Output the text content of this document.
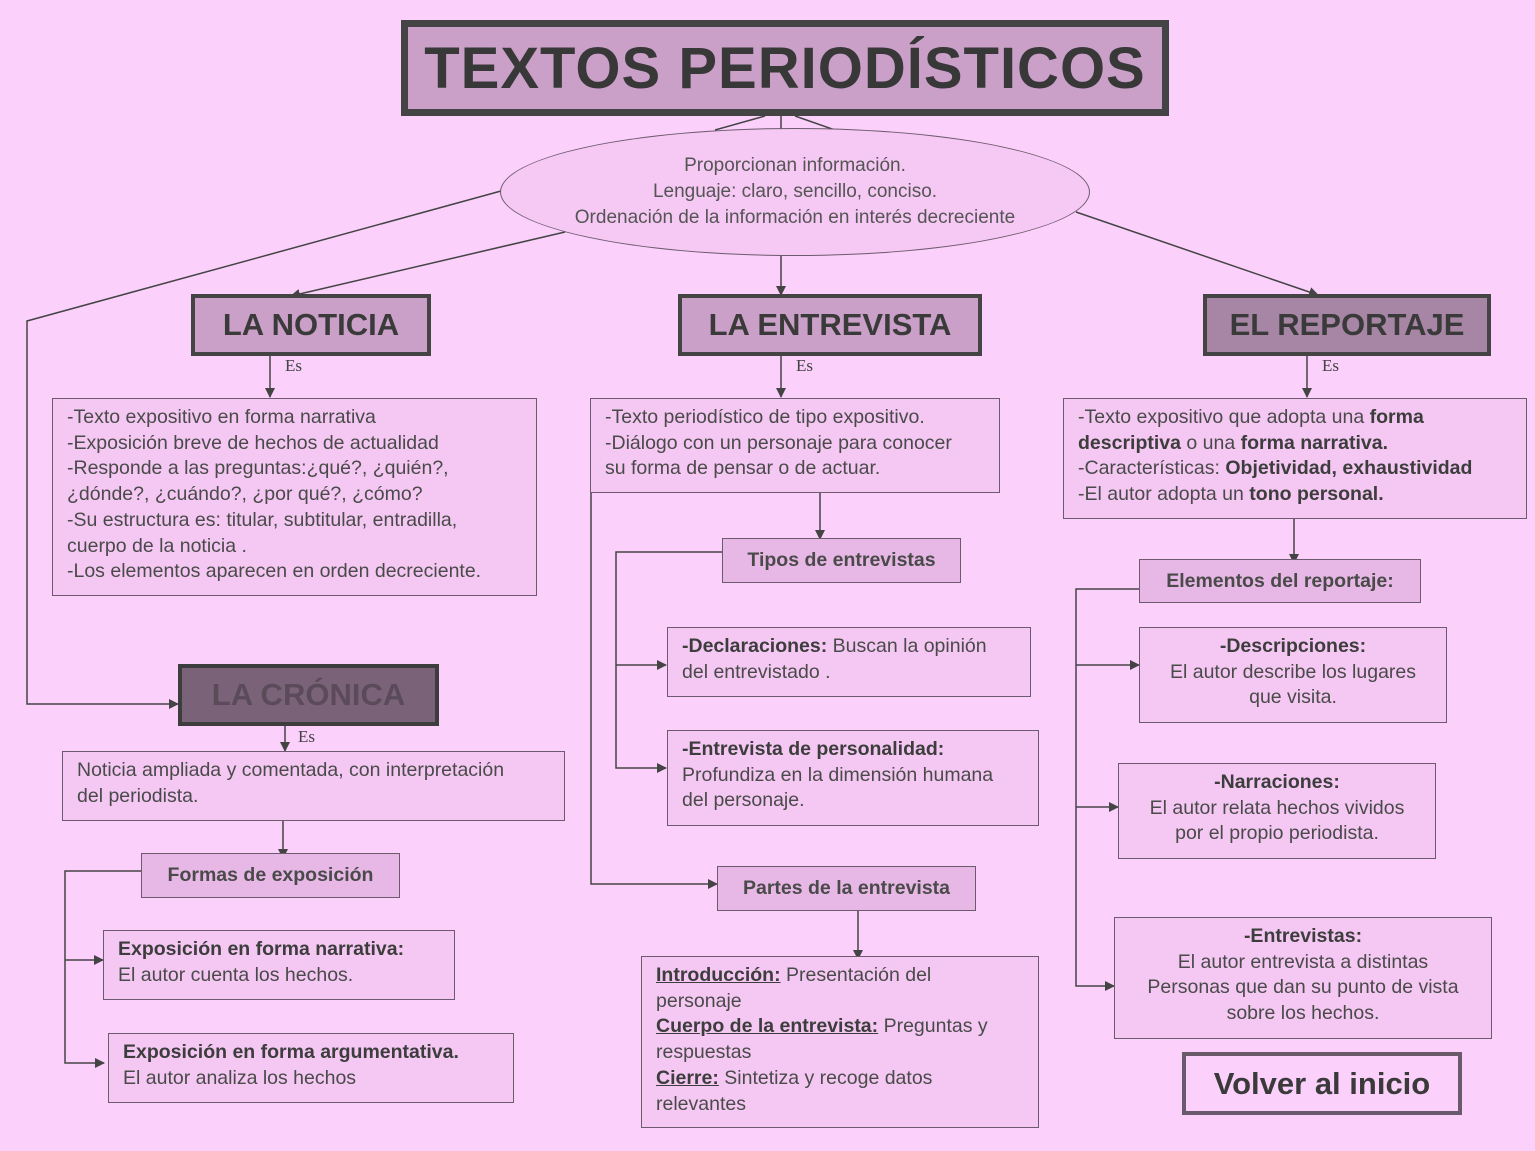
TEXTOS PERIODÍSTICOS
Proporcionan información.
Lenguaje: claro, sencillo, conciso.
Ordenación de la información en interés decreciente
LA NOTICIA
Es
-Texto expositivo en forma narrativa
-Exposición breve de hechos de actualidad
-Responde a las preguntas:¿qué?, ¿quién?,
¿dónde?, ¿cuándo?, ¿por qué?, ¿cómo?
-Su estructura es: titular, subtitular, entradilla,
cuerpo de la noticia .
-Los elementos aparecen en orden decreciente.
LA CRÓNICA
Es
Noticia ampliada y comentada, con interpretación
del periodista.
Formas de exposición
Exposición en forma narrativa:
El autor cuenta los hechos.
Exposición en forma argumentativa.
El autor analiza los hechos
LA ENTREVISTA
Es
-Texto periodístico de tipo expositivo.
-Diálogo con un personaje para conocer
su forma de pensar o de actuar.
Tipos de entrevistas
-Declaraciones: Buscan la opinión
del entrevistado .
-Entrevista de personalidad:
Profundiza en la dimensión humana
del personaje.
Partes de la entrevista
Introducción: Presentación del
personaje
Cuerpo de la entrevista: Preguntas y
respuestas
Cierre: Sintetiza y recoge datos
relevantes
EL REPORTAJE
Es
-Texto expositivo que adopta una forma
descriptiva o una forma narrativa.
-Características: Objetividad, exhaustividad
-El autor adopta un tono personal.
Elementos del reportaje:
-Descripciones:
El autor describe los lugares
que visita.
-Narraciones:
El autor relata hechos vividos
por el propio periodista.
-Entrevistas:
El autor entrevista a distintas
Personas que dan su punto de vista
sobre los hechos.
Volver al inicio
